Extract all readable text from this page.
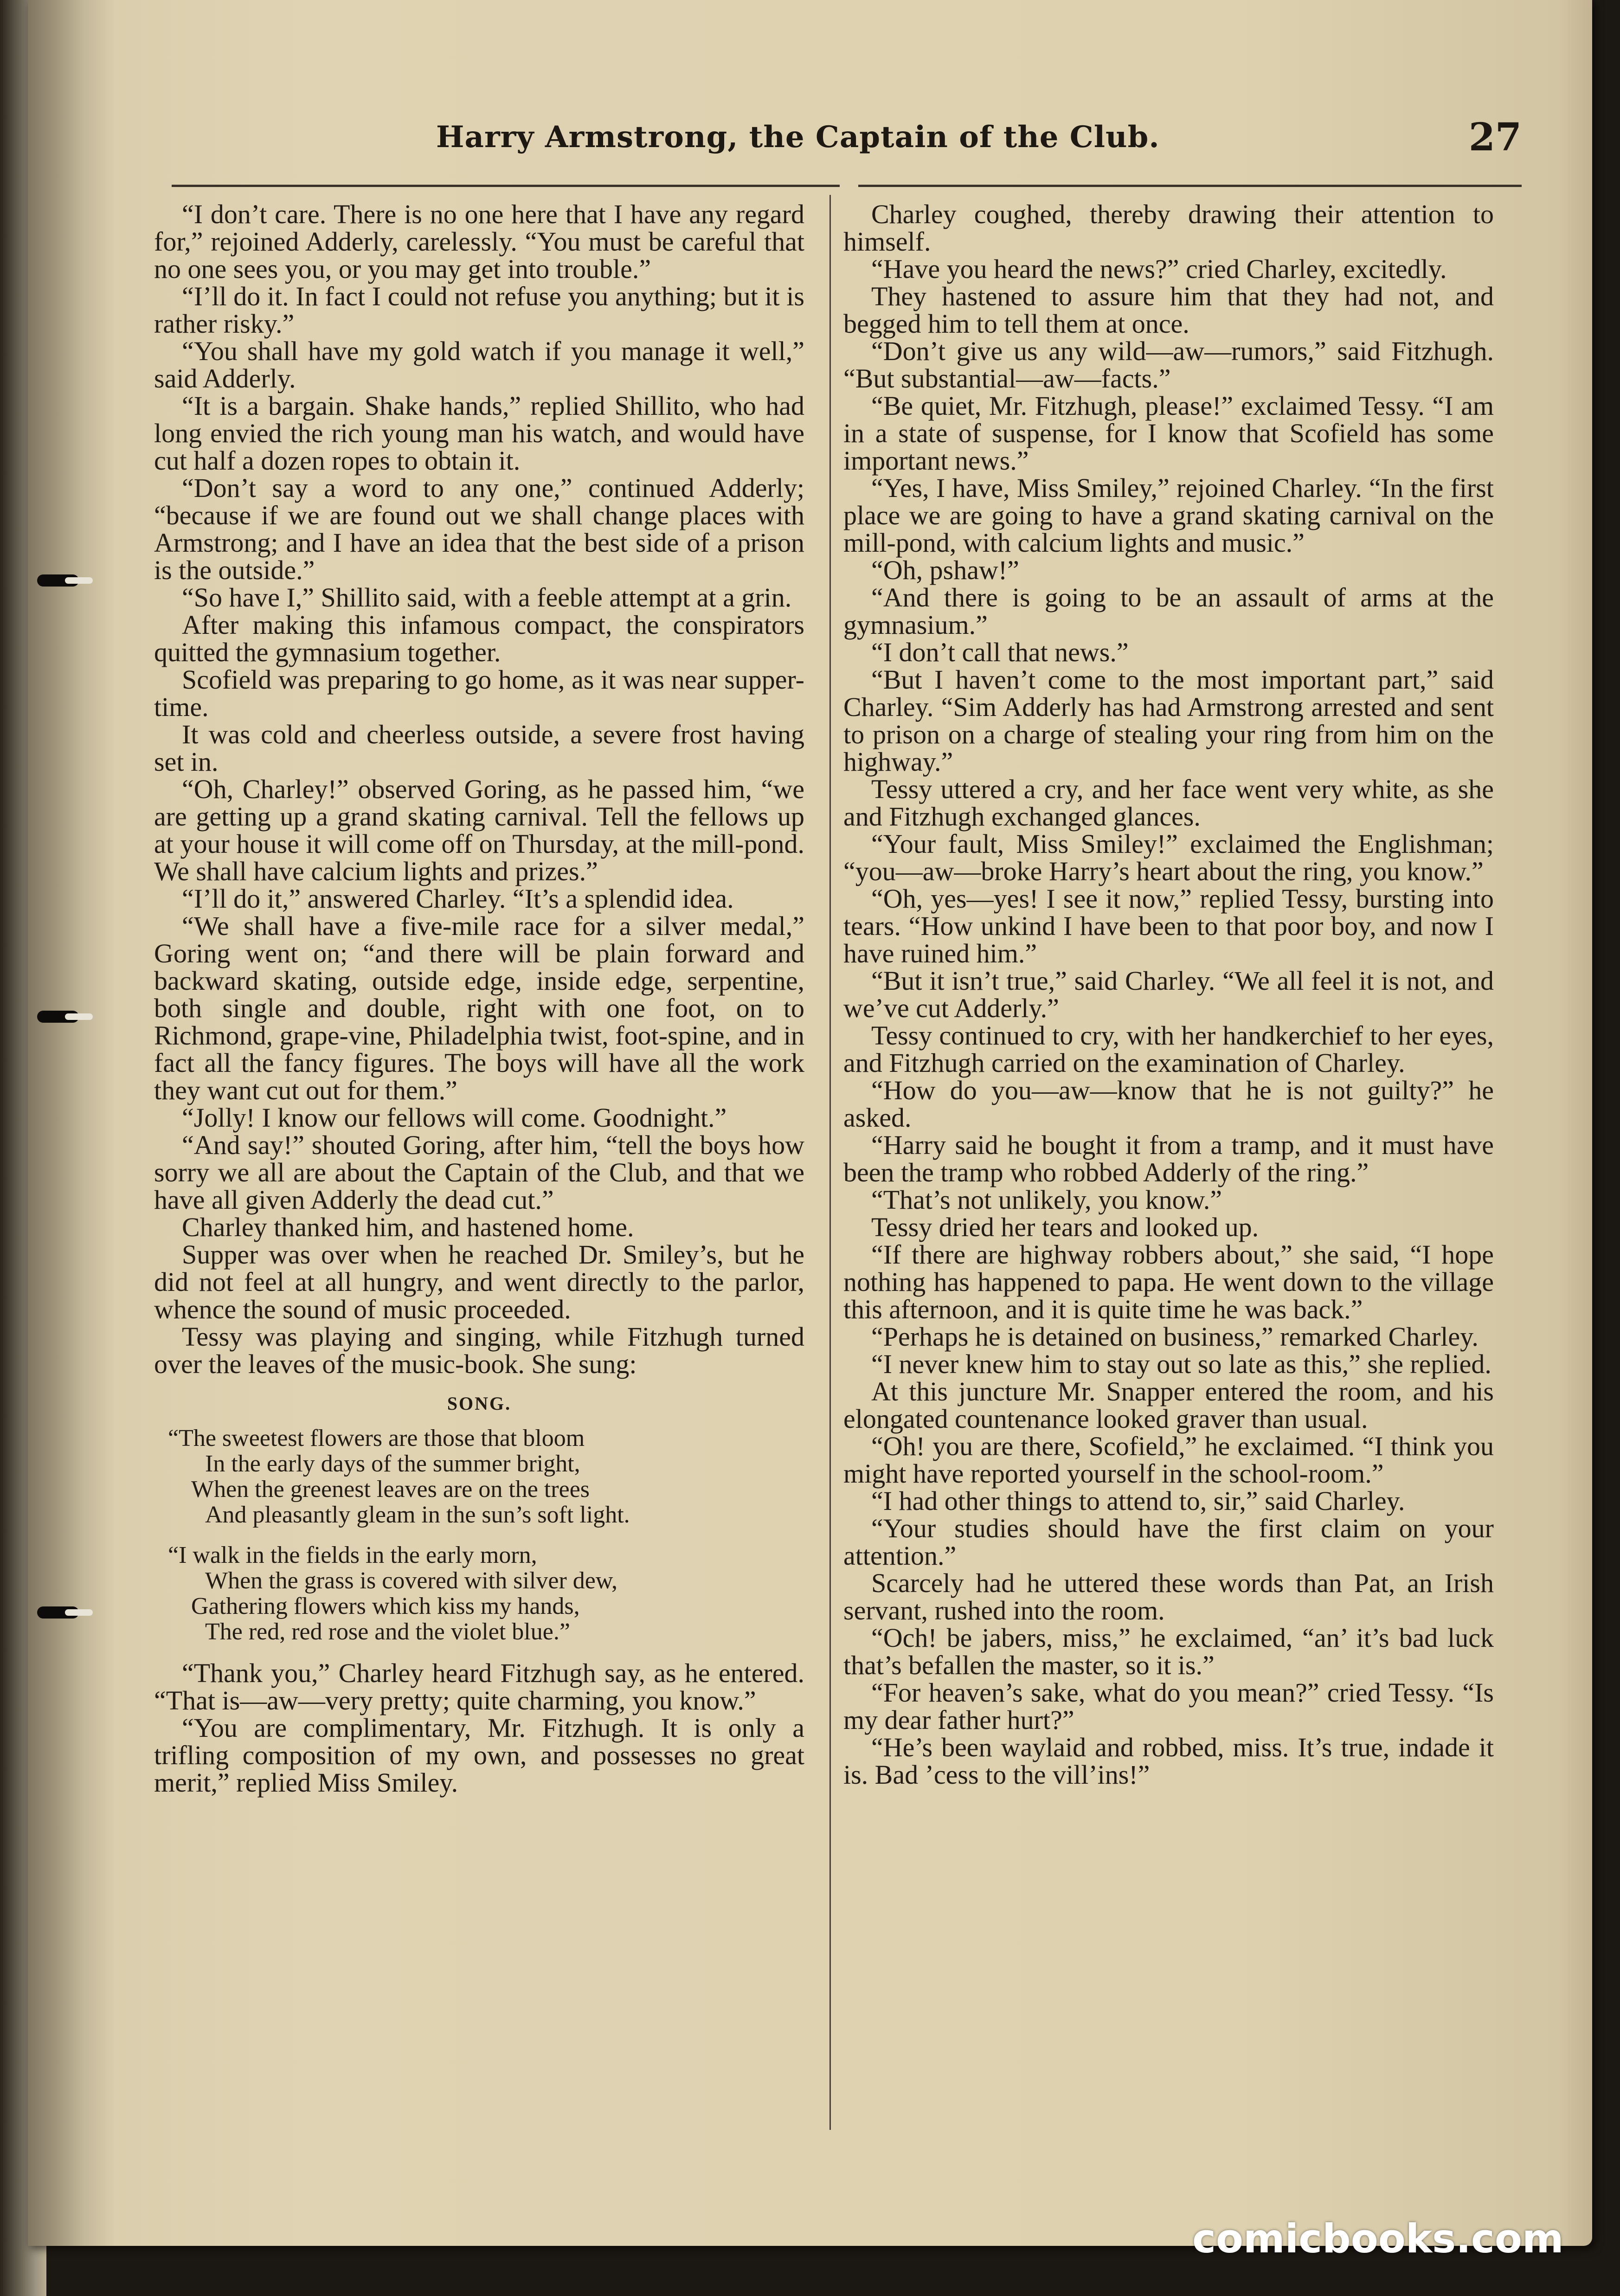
Harry Armstrong, the Captain of the Club.	27

“I don’t care. There is no one here that I have any regard for,” rejoined Adderly, carelessly. “You must be careful that no one sees you, or you may get into trouble.”

“I’ll do it. In fact I could not refuse you anything; but it is rather risky.”

“You shall have my gold watch if you manage it well,” said Adderly.

“It is a bargain. Shake hands,” replied Shillito, who had long envied the rich young man his watch, and would have cut half a dozen ropes to obtain it.

“Don’t say a word to any one,” continued Adderly; “because if we are found out we shall change places with Armstrong; and I have an idea that the best side of a prison is the outside.”

“So have I,” Shillito said, with a feeble attempt at a grin.

After making this infamous compact, the conspirators quitted the gymnasium together.

Scofield was preparing to go home, as it was near supper-time.

It was cold and cheerless outside, a severe frost having set in.

“Oh, Charley!” observed Goring, as he passed him, “we are getting up a grand skating carnival. Tell the fellows up at your house it will come off on Thursday, at the mill-pond. We shall have calcium lights and prizes.”

“I’ll do it,” answered Charley. “It’s a splendid idea.

“We shall have a five-mile race for a silver medal,” Goring went on; “and there will be plain forward and backward skating, outside edge, inside edge, serpentine, both single and double, right with one foot, on to Richmond, grape-vine, Philadelphia twist, foot-spine, and in fact all the fancy figures. The boys will have all the work they want cut out for them.”

“Jolly! I know our fellows will come. Goodnight.”

“And say!” shouted Goring, after him, “tell the boys how sorry we all are about the Captain of the Club, and that we have all given Adderly the dead cut.”

Charley thanked him, and hastened home.

Supper was over when he reached Dr. Smiley’s, but he did not feel at all hungry, and went directly to the parlor, whence the sound of music proceeded.

Tessy was playing and singing, while Fitzhugh turned over the leaves of the music-book. She sung:

SONG.
“The sweetest flowers are those that bloom
In the early days of the summer bright,
When the greenest leaves are on the trees
And pleasantly gleam in the sun’s soft light.
“I walk in the fields in the early morn,
When the grass is covered with silver dew,
Gathering flowers which kiss my hands,
The red, red rose and the violet blue.”

“Thank you,” Charley heard Fitzhugh say, as he entered. “That is—aw—very pretty; quite charming, you know.”

“You are complimentary, Mr. Fitzhugh. It is only a trifling composition of my own, and possesses no great merit,” replied Miss Smiley.

Charley coughed, thereby drawing their attention to himself.

“Have you heard the news?” cried Charley, excitedly.

They hastened to assure him that they had not, and begged him to tell them at once.

“Don’t give us any wild—aw—rumors,” said Fitzhugh. “But substantial—aw—facts.”

“Be quiet, Mr. Fitzhugh, please!” exclaimed Tessy. “I am in a state of suspense, for I know that Scofield has some important news.”

“Yes, I have, Miss Smiley,” rejoined Charley. “In the first place we are going to have a grand skating carnival on the mill-pond, with calcium lights and music.”

“Oh, pshaw!”

“And there is going to be an assault of arms at the gymnasium.”

“I don’t call that news.”

“But I haven’t come to the most important part,” said Charley. “Sim Adderly has had Armstrong arrested and sent to prison on a charge of stealing your ring from him on the highway.”

Tessy uttered a cry, and her face went very white, as she and Fitzhugh exchanged glances.

“Your fault, Miss Smiley!” exclaimed the Englishman; “you—aw—broke Harry’s heart about the ring, you know.”

“Oh, yes—yes! I see it now,” replied Tessy, bursting into tears. “How unkind I have been to that poor boy, and now I have ruined him.”

“But it isn’t true,” said Charley. “We all feel it is not, and we’ve cut Adderly.”

Tessy continued to cry, with her handkerchief to her eyes, and Fitzhugh carried on the examination of Charley.

“How do you—aw—know that he is not guilty?” he asked.

“Harry said he bought it from a tramp, and it must have been the tramp who robbed Adderly of the ring.”

“That’s not unlikely, you know.”

Tessy dried her tears and looked up.

“If there are highway robbers about,” she said, “I hope nothing has happened to papa. He went down to the village this afternoon, and it is quite time he was back.”

“Perhaps he is detained on business,” remarked Charley.

“I never knew him to stay out so late as this,” she replied.

At this juncture Mr. Snapper entered the room, and his elongated countenance looked graver than usual.

“Oh! you are there, Scofield,” he exclaimed. “I think you might have reported yourself in the school-room.”

“I had other things to attend to, sir,” said Charley.

“Your studies should have the first claim on your attention.”

Scarcely had he uttered these words than Pat, an Irish servant, rushed into the room.

“Och! be jabers, miss,” he exclaimed, “an’ it’s bad luck that’s befallen the master, so it is.”

“For heaven’s sake, what do you mean?” cried Tessy. “Is my dear father hurt?”

“He’s been waylaid and robbed, miss. It’s true, indade it is. Bad ’cess to the vill’ins!”

comicbooks.com
